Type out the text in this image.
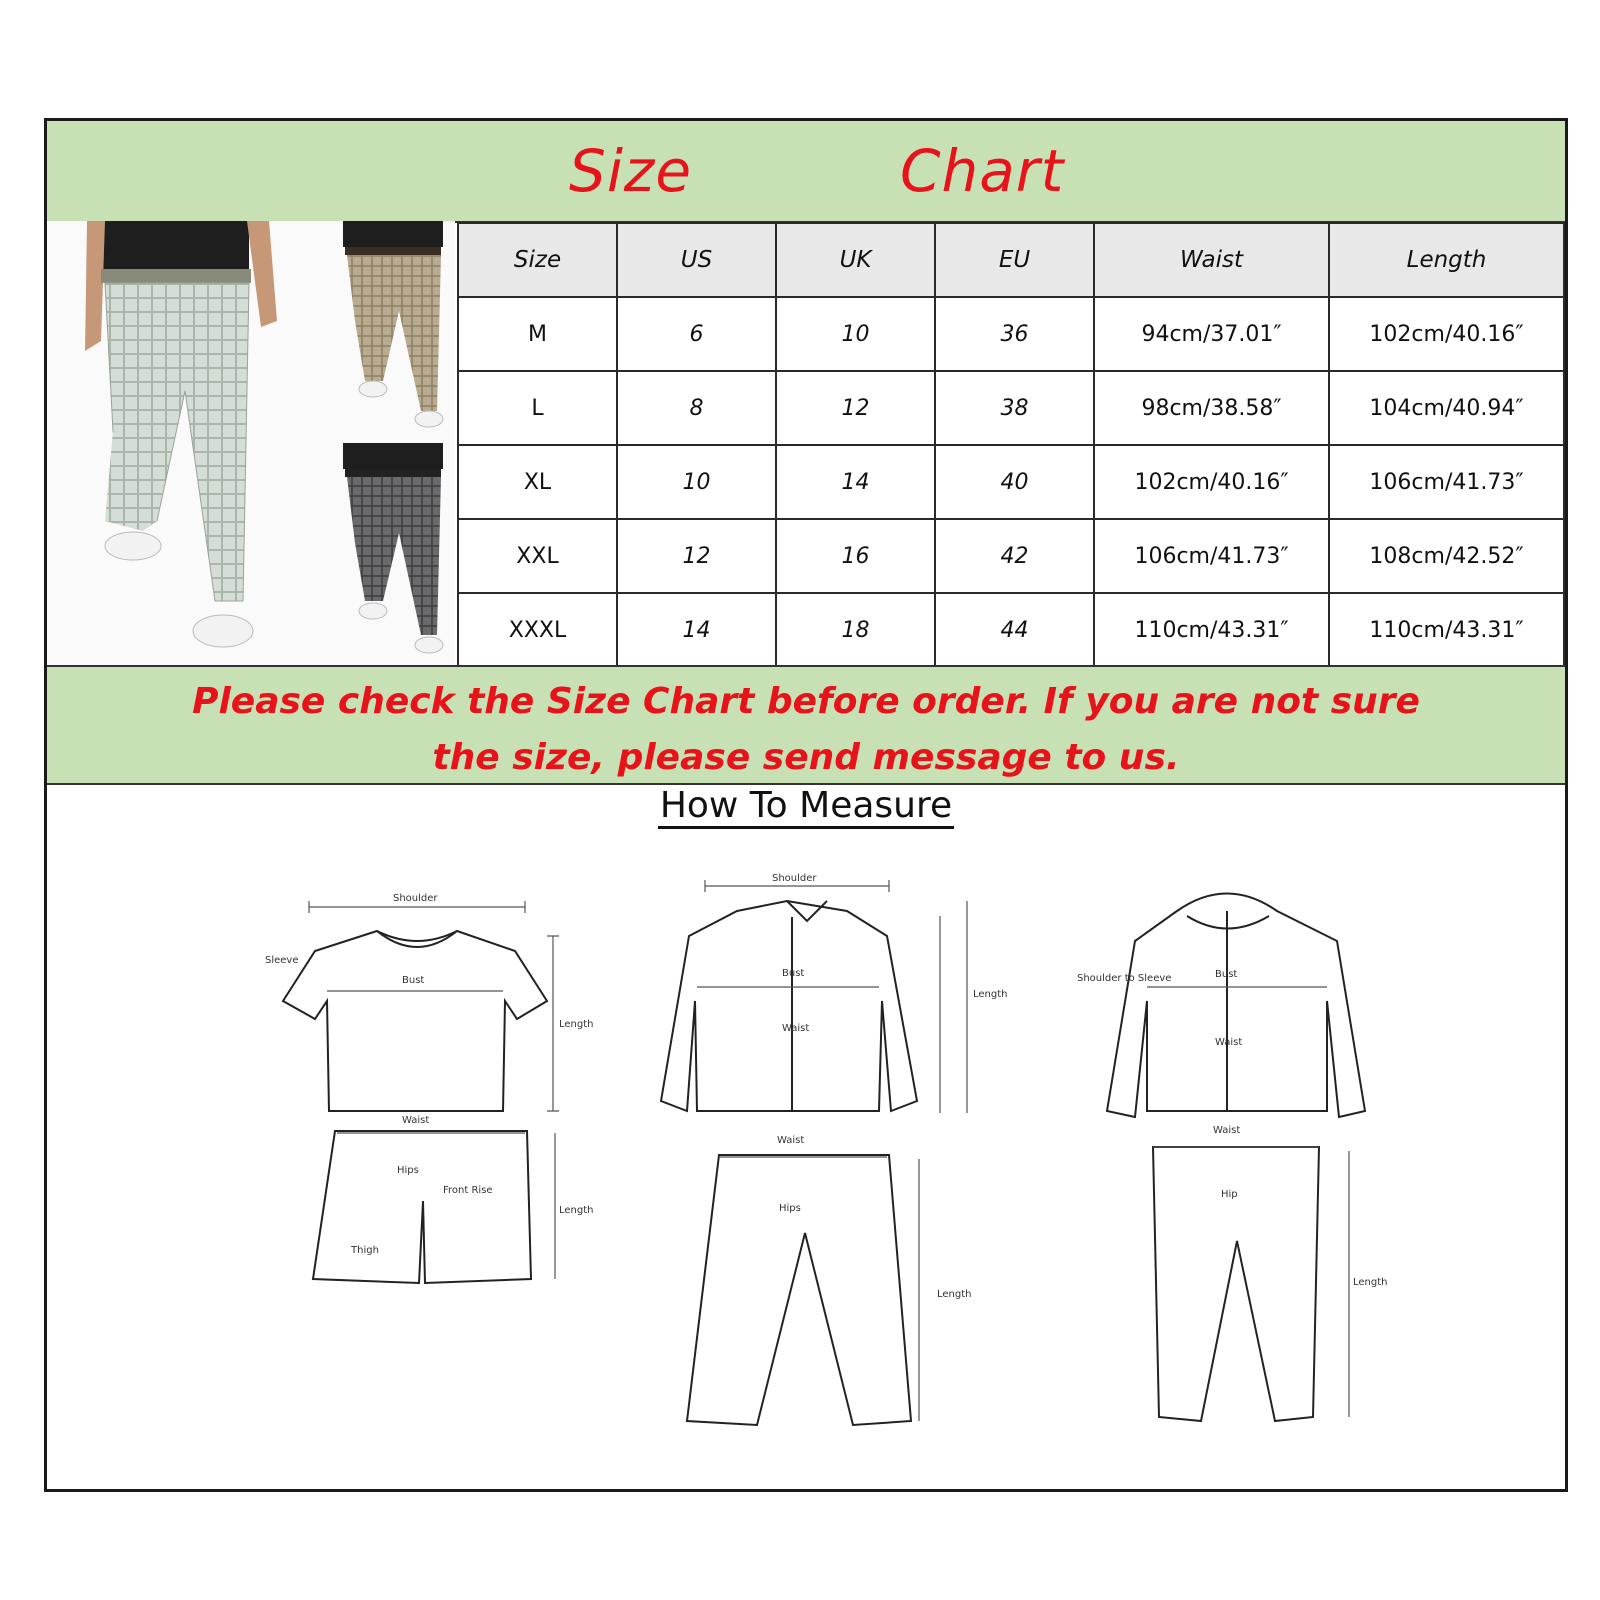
Size	Chart
Size	US	UK	EU	Waist	Length
M	6	10	36	94cm/37.01″	102cm/40.16″
L	8	12	38	98cm/38.58″	104cm/40.94″
XL	10	14	40	102cm/40.16″	106cm/41.73″
XXL	12	16	42	106cm/41.73″	108cm/42.52″
XXXL	14	18	44	110cm/43.31″	110cm/43.31″
Please check the Size Chart before order. If you are not sure
the size, please send message to us.
How To Measure
Shoulder
Sleeve
Bust
Length
Shoulder
Bust
Waist
Length
Shoulder to Sleeve	Bust
Waist
Waist
Hips
Front Rise
Thigh
Length
Waist
Hips
Length
Waist
Hip
Length
